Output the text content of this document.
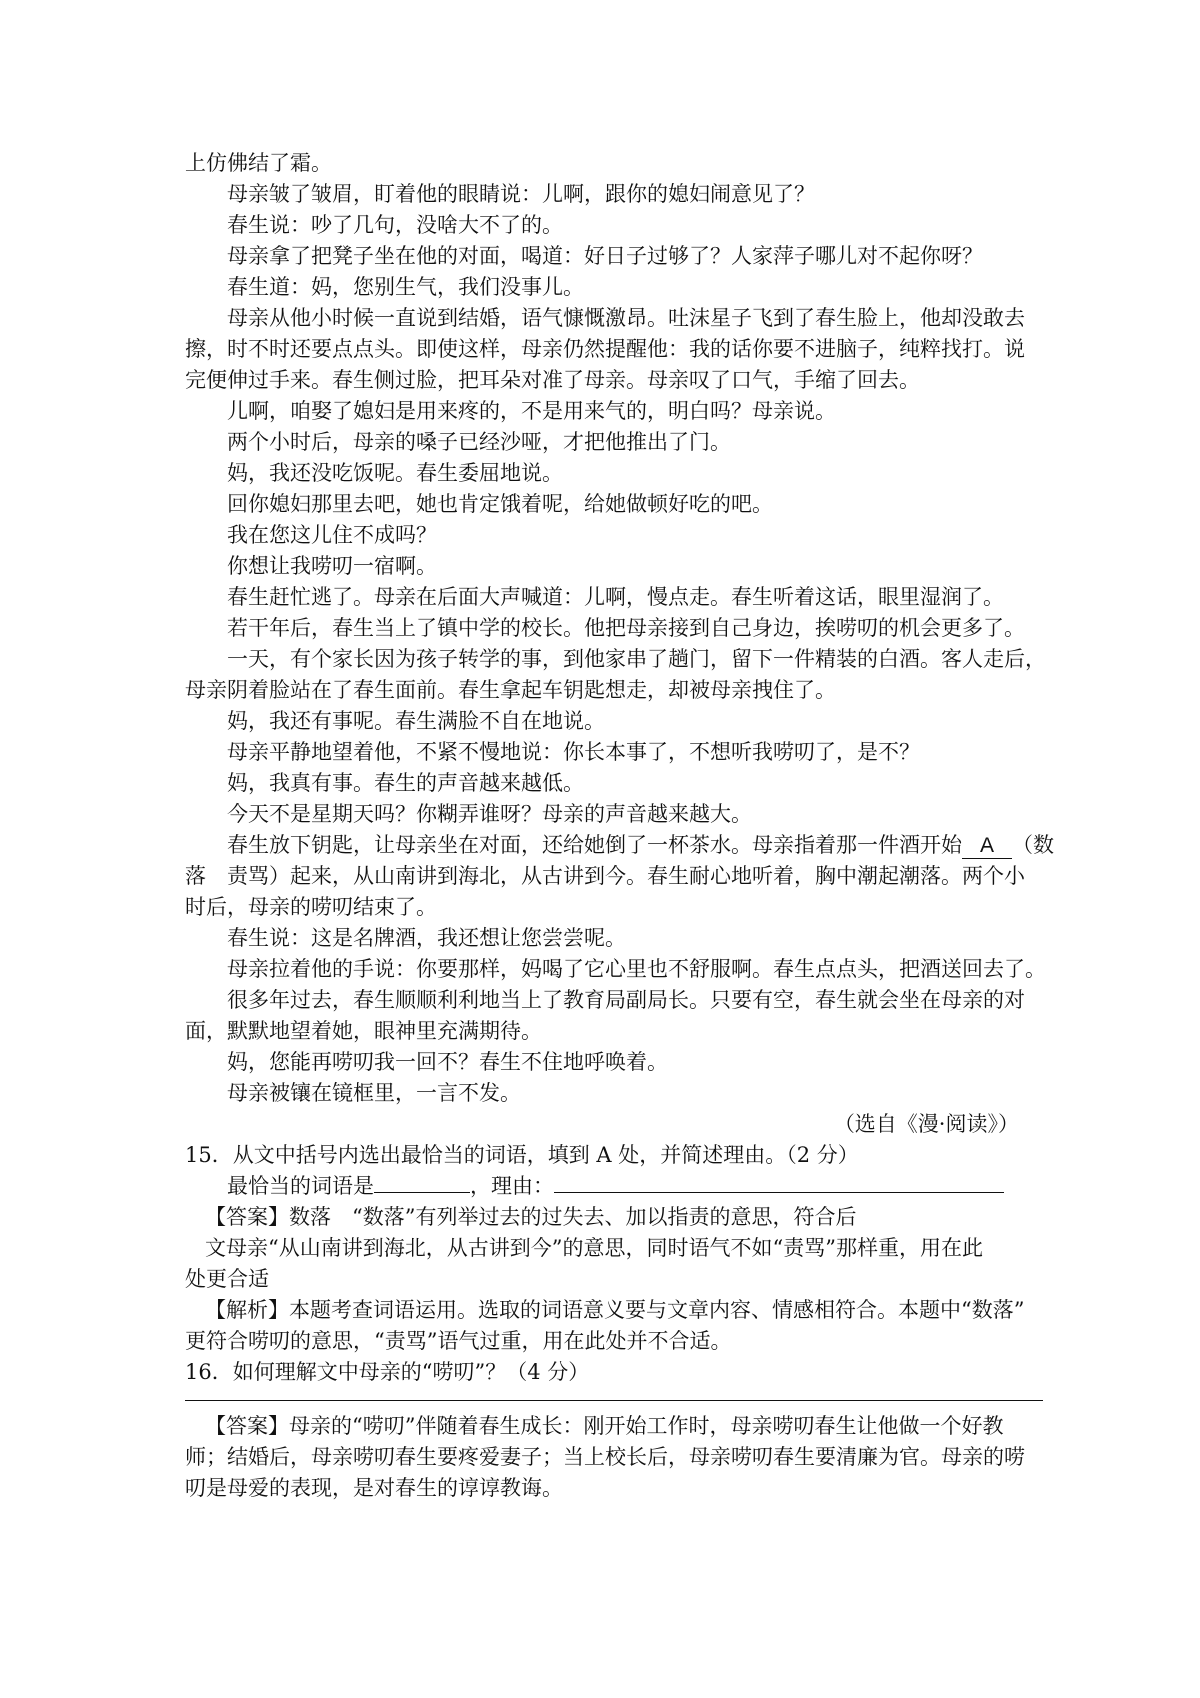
上仿佛结了霜。
母亲皱了皱眉，盯着他的眼睛说：儿啊，跟你的媳妇闹意见了？
春生说：吵了几句，没啥大不了的。
母亲拿了把凳子坐在他的对面，喝道：好日子过够了？人家萍子哪儿对不起你呀？
春生道：妈，您别生气，我们没事儿。
母亲从他小时候一直说到结婚，语气慷慨激昂。吐沫星子飞到了春生脸上，他却没敢去
擦，时不时还要点点头。即使这样，母亲仍然提醒他：我的话你要不进脑子，纯粹找打。说
完便伸过手来。春生侧过脸，把耳朵对准了母亲。母亲叹了口气，手缩了回去。
儿啊，咱娶了媳妇是用来疼的，不是用来气的，明白吗？母亲说。
两个小时后，母亲的嗓子已经沙哑，才把他推出了门。
妈，我还没吃饭呢。春生委屈地说。
回你媳妇那里去吧，她也肯定饿着呢，给她做顿好吃的吧。
我在您这儿住不成吗？
你想让我唠叨一宿啊。
春生赶忙逃了。母亲在后面大声喊道：儿啊，慢点走。春生听着这话，眼里湿润了。
若干年后，春生当上了镇中学的校长。他把母亲接到自己身边，挨唠叨的机会更多了。
一天，有个家长因为孩子转学的事，到他家串了趟门，留下一件精装的白酒。客人走后，
母亲阴着脸站在了春生面前。春生拿起车钥匙想走，却被母亲拽住了。
妈，我还有事呢。春生满脸不自在地说。
母亲平静地望着他，不紧不慢地说：你长本事了，不想听我唠叨了，是不？
妈，我真有事。春生的声音越来越低。
今天不是星期天吗？你糊弄谁呀？母亲的声音越来越大。
春生放下钥匙，让母亲坐在对面，还给她倒了一杯茶水。母亲指着那一件酒开始 A （数
落　责骂）起来，从山南讲到海北，从古讲到今。春生耐心地听着，胸中潮起潮落。两个小
时后，母亲的唠叨结束了。
春生说：这是名牌酒，我还想让您尝尝呢。
母亲拉着他的手说：你要那样，妈喝了它心里也不舒服啊。春生点点头，把酒送回去了。
很多年过去，春生顺顺利利地当上了教育局副局长。只要有空，春生就会坐在母亲的对
面，默默地望着她，眼神里充满期待。
妈，您能再唠叨我一回不？春生不住地呼唤着。
母亲被镶在镜框里，一言不发。
（选自《漫·阅读》）
15．从文中括号内选出最恰当的词语，填到 A 处，并简述理由。（2 分）
最恰当的词语是	，理由：
【答案】数落　“数落”有列举过去的过失去、加以指责的意思，符合后
文母亲“从山南讲到海北，从古讲到今”的意思，同时语气不如“责骂”那样重，用在此
处更合适
【解析】本题考查词语运用。选取的词语意义要与文章内容、情感相符合。本题中“数落”
更符合唠叨的意思，“责骂”语气过重，用在此处并不合适。
16．如何理解文中母亲的“唠叨”？（4 分）
【答案】母亲的“唠叨”伴随着春生成长：刚开始工作时，母亲唠叨春生让他做一个好教
师；结婚后，母亲唠叨春生要疼爱妻子；当上校长后，母亲唠叨春生要清廉为官。母亲的唠
叨是母爱的表现，是对春生的谆谆教诲。
